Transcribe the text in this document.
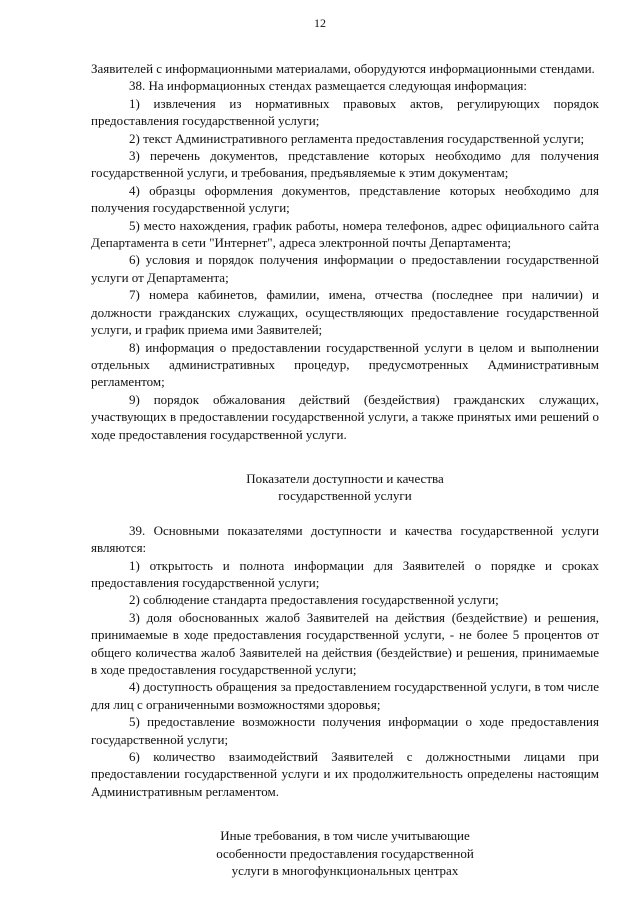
12

Заявителей с информационными материалами, оборудуются информационными стендами.

38. На информационных стендах размещается следующая информация:

1) извлечения из нормативных правовых актов, регулирующих порядок предоставления государственной услуги;

2) текст Административного регламента предоставления государственной услуги;

3) перечень документов, представление которых необходимо для получения государственной услуги, и требования, предъявляемые к этим документам;

4) образцы оформления документов, представление которых необходимо для получения государственной услуги;

5) место нахождения, график работы, номера телефонов, адрес официального сайта Департамента в сети "Интернет", адреса электронной почты Департамента;

6) условия и порядок получения информации о предоставлении государственной услуги от Департамента;

7) номера кабинетов, фамилии, имена, отчества (последнее при наличии) и должности гражданских служащих, осуществляющих предоставление государственной услуги, и график приема ими Заявителей;

8) информация о предоставлении государственной услуги в целом и выполнении отдельных административных процедур, предусмотренных Административным регламентом;

9) порядок обжалования действий (бездействия) гражданских служащих, участвующих в предоставлении государственной услуги, а также принятых ими решений о ходе предоставления государственной услуги.

Показатели доступности и качества
государственной услуги

39. Основными показателями доступности и качества государственной услуги являются:

1) открытость и полнота информации для Заявителей о порядке и сроках предоставления государственной услуги;

2) соблюдение стандарта предоставления государственной услуги;

3) доля обоснованных жалоб Заявителей на действия (бездействие) и решения, принимаемые в ходе предоставления государственной услуги, - не более 5 процентов от общего количества жалоб Заявителей на действия (бездействие) и решения, принимаемые в ходе предоставления государственной услуги;

4) доступность обращения за предоставлением государственной услуги, в том числе для лиц с ограниченными возможностями здоровья;

5) предоставление возможности получения информации о ходе предоставления государственной услуги;

6) количество взаимодействий Заявителей с должностными лицами при предоставлении государственной услуги и их продолжительность определены настоящим Административным регламентом.

Иные требования, в том числе учитывающие
особенности предоставления государственной
услуги в многофункциональных центрах
